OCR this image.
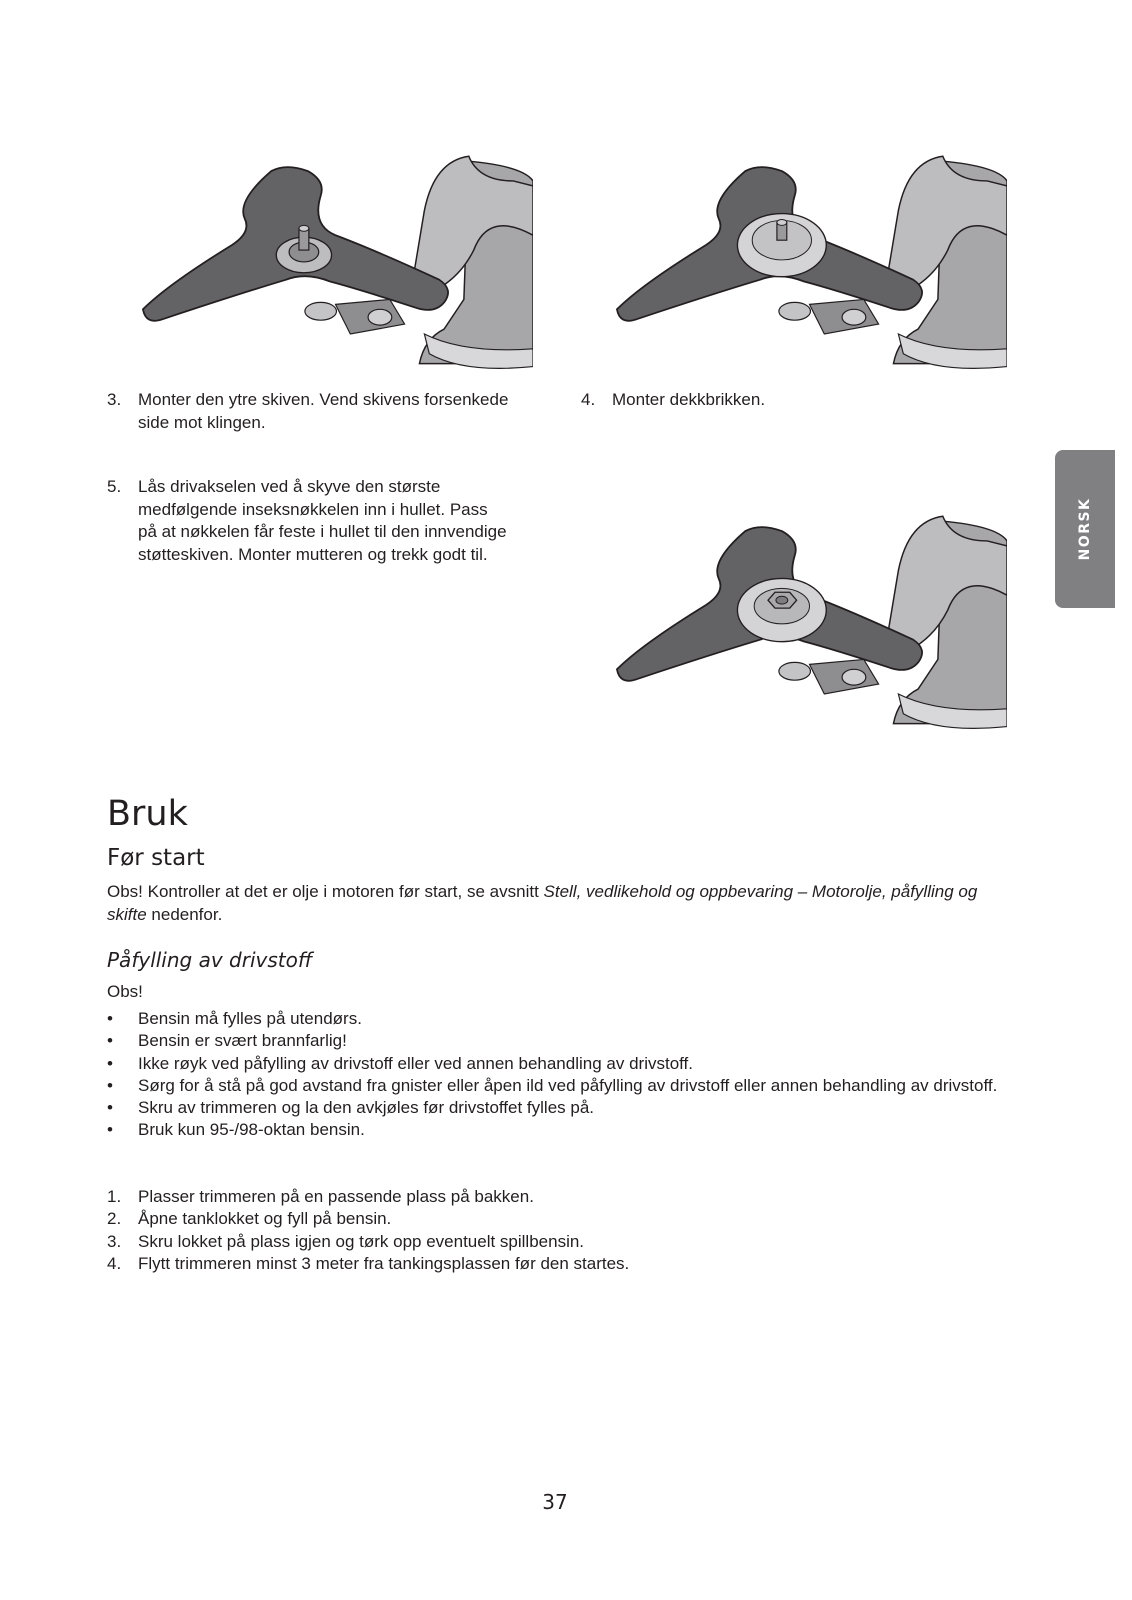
NORSK
3. Monter den ytre skiven. Vend skivens forsenkede side mot klingen.
4. Monter dekkbrikken.
5. Lås drivakselen ved å skyve den største medfølgende inseksnøkkelen inn i hullet. Pass på at nøkkelen får feste i hullet til den innvendige støtteskiven. Monter mutteren og trekk godt til.
Bruk
Før start
Obs! Kontroller at det er olje i motoren før start, se avsnitt Stell, vedlikehold og oppbevaring – Motorolje, påfylling og skifte nedenfor.
Påfylling av drivstoff
Obs!
•	Bensin må fylles på utendørs.
•	Bensin er svært brannfarlig!
•	Ikke røyk ved påfylling av drivstoff eller ved annen behandling av drivstoff.
•	Sørg for å stå på god avstand fra gnister eller åpen ild ved påfylling av drivstoff eller annen behandling av drivstoff.
•	Skru av trimmeren og la den avkjøles før drivstoffet fylles på.
•	Bruk kun 95-/98-oktan bensin.
1. Plasser trimmeren på en passende plass på bakken.
2. Åpne tanklokket og fyll på bensin.
3. Skru lokket på plass igjen og tørk opp eventuelt spillbensin.
4. Flytt trimmeren minst 3 meter fra tankingsplassen før den startes.
37
